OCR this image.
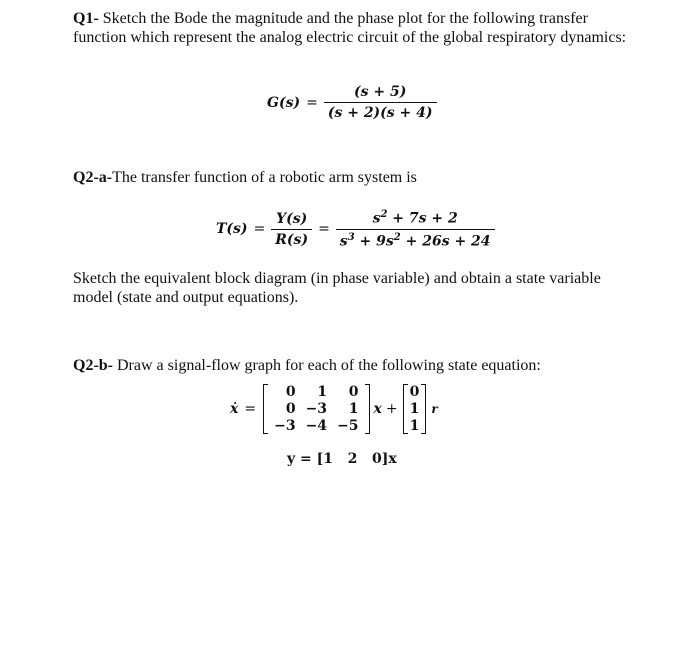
Q1- Sketch the Bode the magnitude and the phase plot for the following transfer function which represent the analog electric circuit of the global respiratory dynamics:
$G(s) = \frac{(s + 5)}{(s + 2)(s + 4)}$
Q2-a-The transfer function of a robotic arm system is
$T(s) = \frac{Y(s)}{R(s)} = \frac{s^2 + 7s + 2}{s^3 + 9s^2 + 26s + 24}$
Sketch the equivalent block diagram (in phase variable) and obtain a state variable model (state and output equations).
Q2-b- Draw a signal-flow graph for each of the following state equation:
ẋ =
0	1	0
0 −3	1
−3 −4 −5
x +
0
1
1
r
y = [1   2   0]x
